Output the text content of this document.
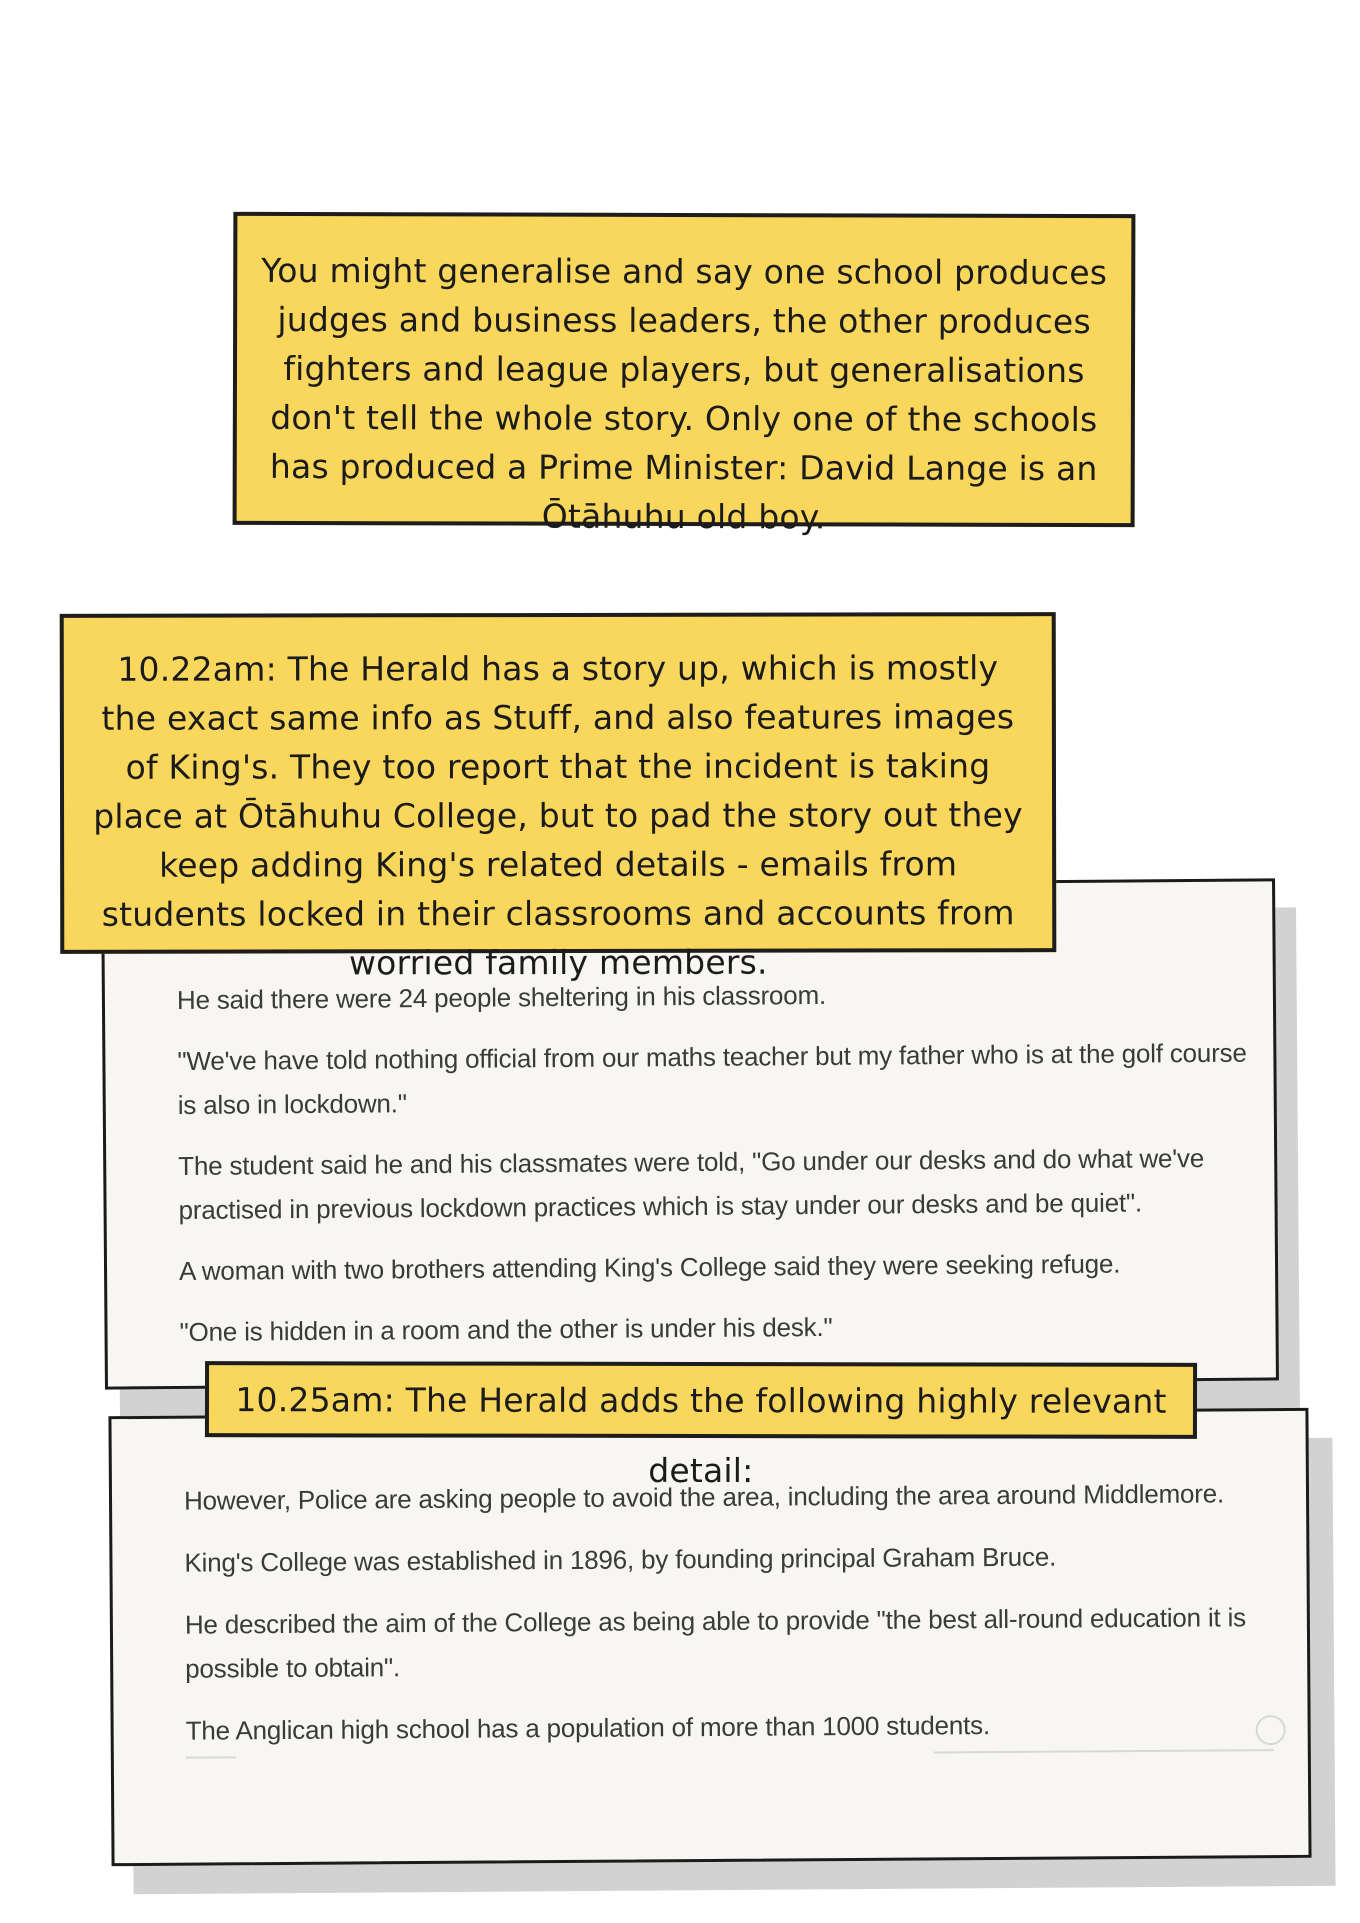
You might generalise and say one school produces judges and business leaders, the other produces fighters and league players, but generalisations don't tell the whole story. Only one of the schools has produced a Prime Minister: David Lange is an Ōtāhuhu old boy.

10.22am: The Herald has a story up, which is mostly the exact same info as Stuff, and also features images of King's. They too report that the incident is taking place at Ōtāhuhu College, but to pad the story out they keep adding King's related details - emails from students locked in their classrooms and accounts from worried family members.

He said there were 24 people sheltering in his classroom.

"We've have told nothing official from our maths teacher but my father who is at the golf course is also in lockdown."

The student said he and his classmates were told, "Go under our desks and do what we've practised in previous lockdown practices which is stay under our desks and be quiet".

A woman with two brothers attending King's College said they were seeking refuge.

"One is hidden in a room and the other is under his desk."

10.25am: The Herald adds the following highly relevant detail:

However, Police are asking people to avoid the area, including the area around Middlemore.

King's College was established in 1896, by founding principal Graham Bruce.

He described the aim of the College as being able to provide "the best all-round education it is possible to obtain".

The Anglican high school has a population of more than 1000 students.
